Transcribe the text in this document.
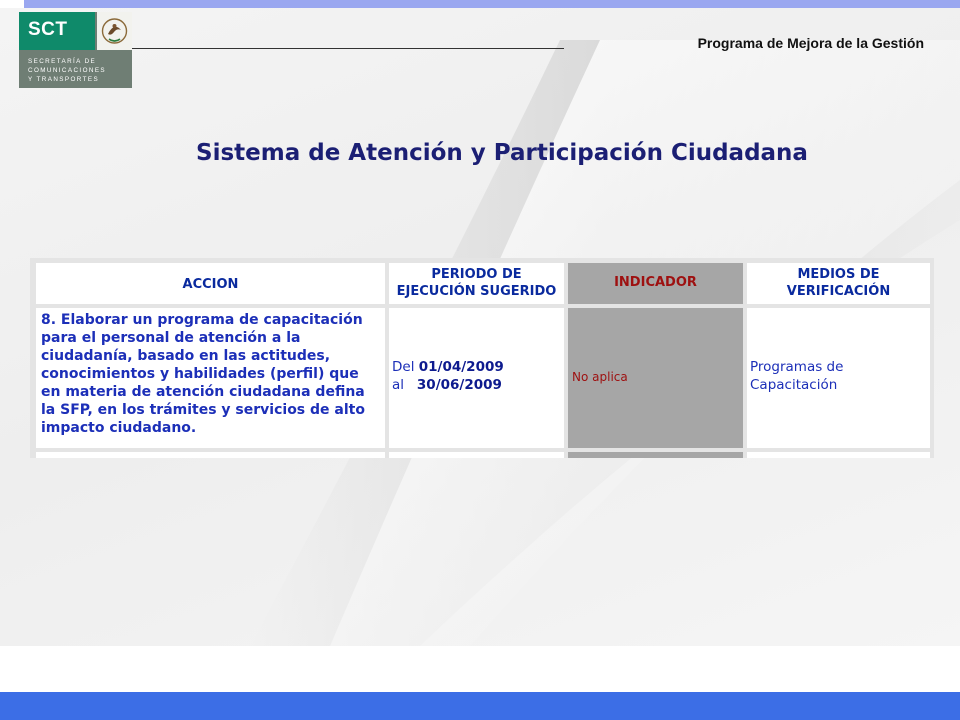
SCT
SECRETARÍA DE
COMUNICACIONES
Y TRANSPORTES
Programa de Mejora de la Gestión
Sistema de Atención y Participación Ciudadana
ACCION
PERIODO DE
EJECUCIÓN SUGERIDO
INDICADOR
MEDIOS DE
VERIFICACIÓN
8. Elaborar un programa de capacitación para el personal de atención a la ciudadanía, basado en las actitudes, conocimientos y habilidades (perfil) que en materia de atención ciudadana defina la SFP, en los trámites y servicios de alto impacto ciudadano.
Del 01/04/2009
al 30/06/2009	No aplica
Programas de
Capacitación
